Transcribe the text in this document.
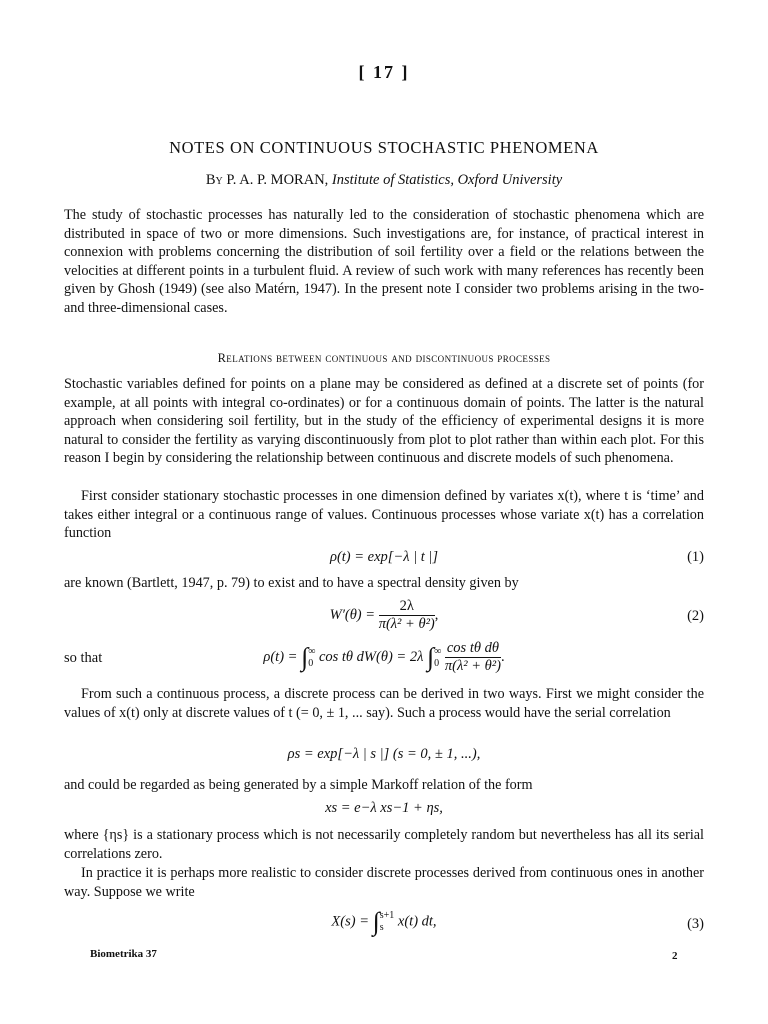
[ 17 ]
NOTES ON CONTINUOUS STOCHASTIC PHENOMENA
By P. A. P. MORAN, Institute of Statistics, Oxford University

The study of stochastic processes has naturally led to the consideration of stochastic phenomena which are distributed in space of two or more dimensions. Such investigations are, for instance, of practical interest in connexion with problems concerning the distribution of soil fertility over a field or the relations between the velocities at different points in a turbulent fluid. A review of such work with many references has recently been given by Ghosh (1949) (see also Matérn, 1947). In the present note I consider two problems arising in the two- and three-dimensional cases.

Relations between continuous and discontinuous processes

Stochastic variables defined for points on a plane may be considered as defined at a discrete set of points (for example, at all points with integral co-ordinates) or for a continuous domain of points. The latter is the natural approach when considering soil fertility, but in the study of the efficiency of experimental designs it is more natural to consider the fertility as varying discontinuously from plot to plot rather than within each plot. For this reason I begin by considering the relationship between continuous and discrete models of such phenomena.

First consider stationary stochastic processes in one dimension defined by variates x(t), where t is ‘time’ and takes either integral or a continuous range of values. Continuous processes whose variate x(t) has a correlation function

ρ(t) = exp[−λ | t |]	(1)

are known (Bartlett, 1947, p. 79) to exist and to have a spectral density given by

$W'(\theta) = \frac{2\lambda}{\text{π(λ² + θ²)}}$ ,	(2)
so that	ρ(t) = ∫ ∞
0 cos tθ dW(θ) = 2λ ∫ ∞
0
$\frac{\text{cos tθ dθ}}{\text{π(λ² + θ²)}}$ .

From such a continuous process, a discrete process can be derived in two ways. First we might consider the values of x(t) only at discrete values of t (= 0, ± 1, ... say). Such a process would have the serial correlation

ρs = exp[−λ | s |] (s = 0, ± 1, ...),

and could be regarded as being generated by a simple Markoff relation of the form

xs = e−λ xs−1 + ηs,

where {ηs} is a stationary process which is not necessarily completely random but nevertheless has all its serial correlations zero.

In practice it is perhaps more realistic to consider discrete processes derived from continuous ones in another way. Suppose we write

X(s) = ∫ s+1
s x(t) dt,	(3)
Biometrika 37	2
